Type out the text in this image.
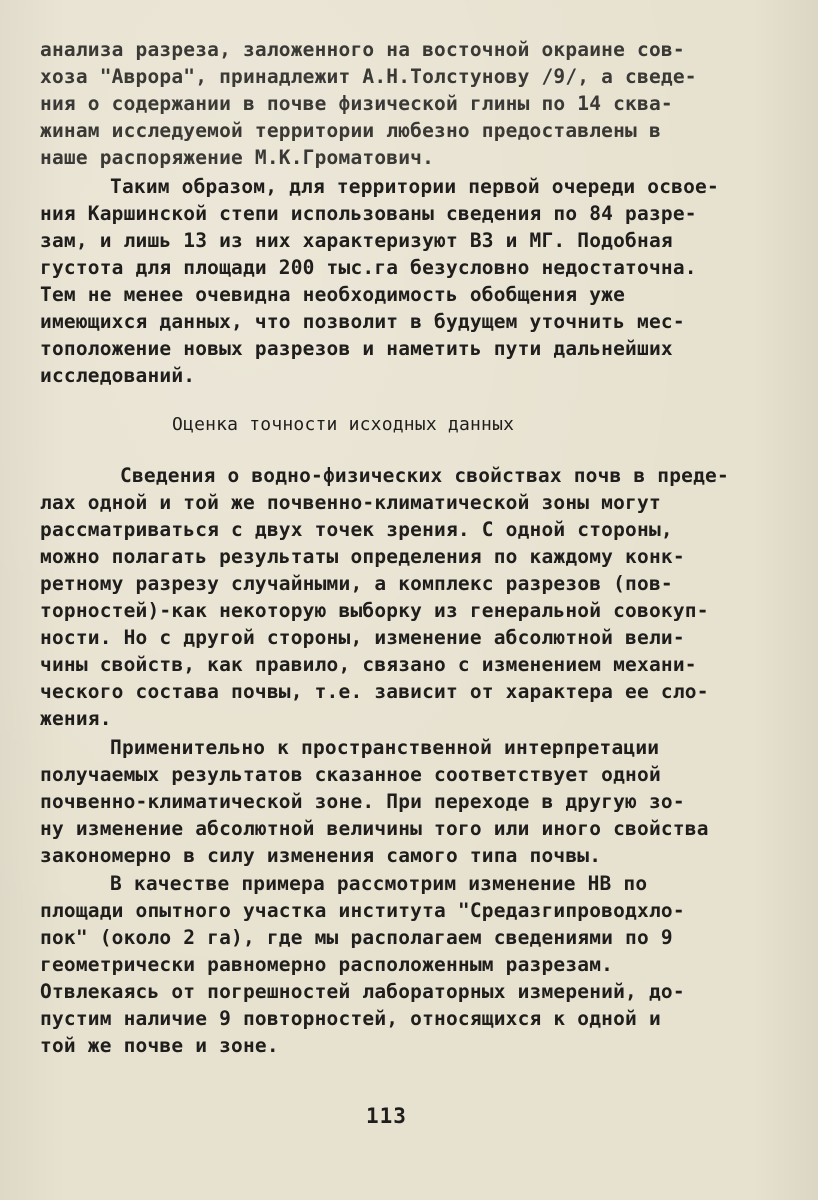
анализа разреза, заложенного на восточной окраине сов-
хоза "Аврора", принадлежит А.Н.Толстунову /9/, а сведе-
ния о содержании в почве физической глины по 14 сква-
жинам исследуемой территории любезно предоставлены в
наше распоряжение М.К.Громатович.
Таким образом, для территории первой очереди освое-
ния Каршинской степи использованы сведения по 84 разре-
зам, и лишь 13 из них характеризуют ВЗ и МГ. Подобная
густота для площади 200 тыс.га безусловно недостаточна.
Тем не менее очевидна необходимость обобщения уже
имеющихся данных, что позволит в будущем уточнить мес-
тоположение новых разрезов и наметить пути дальнейших
исследований.
Оценка точности исходных данных
Сведения о водно-физических свойствах почв в преде-
лах одной и той же почвенно-климатической зоны могут
рассматриваться с двух точек зрения. С одной стороны,
можно полагать результаты определения по каждому конк-
ретному разрезу случайными, а комплекс разрезов (пов-
торностей)-как некоторую выборку из генеральной совокуп-
ности. Но с другой стороны, изменение абсолютной вели-
чины свойств, как правило, связано с изменением механи-
ческого состава почвы, т.е. зависит от характера ее сло-
жения.
Применительно к пространственной интерпретации
получаемых результатов сказанное соответствует одной
почвенно-климатической зоне. При переходе в другую зо-
ну изменение абсолютной величины того или иного свойства
закономерно в силу изменения самого типа почвы.
В качестве примера рассмотрим изменение НВ по
площади опытного участка института "Средазгипроводхло-
пок" (около 2 га), где мы располагаем сведениями по 9
геометрически равномерно расположенным разрезам.
Отвлекаясь от погрешностей лабораторных измерений, до-
пустим наличие 9 повторностей, относящихся к одной и
той же почве и зоне.
113
